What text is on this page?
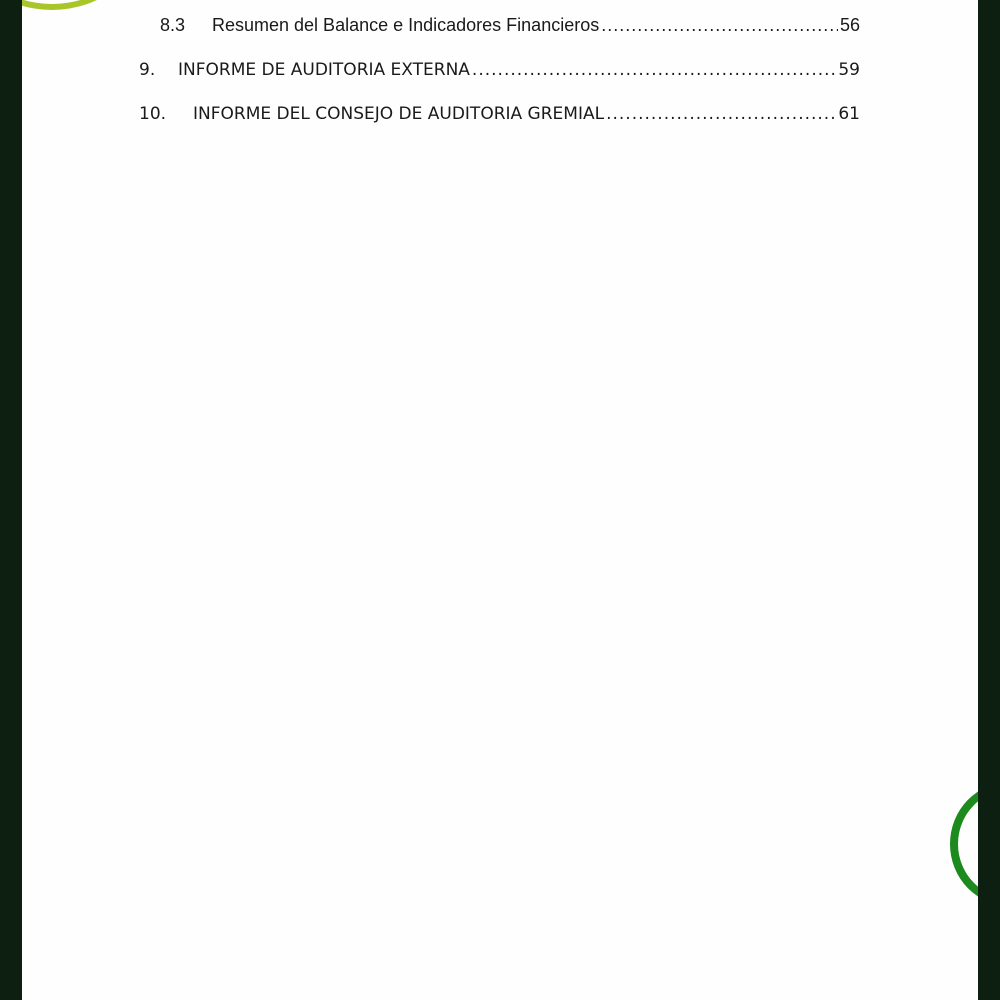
8.3	Resumen del Balance e Indicadores Financieros .....	56
9.	INFORME DE AUDITORIA EXTERNA .....	59
10.	INFORME DEL CONSEJO DE AUDITORIA GREMIAL .....	61
